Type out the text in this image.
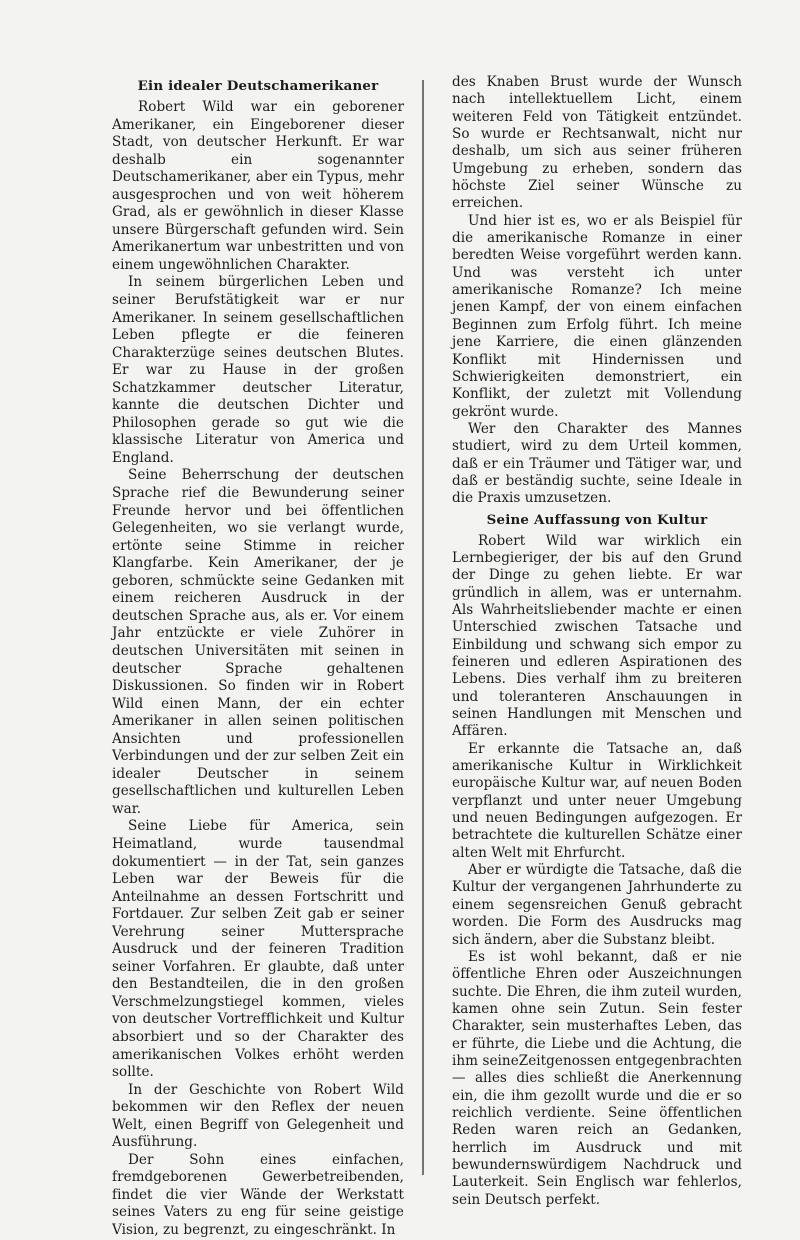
Ein idealer Deutschamerikaner

Robert Wild war ein geborener Amerikaner, ein Eingeborener dieser Stadt, von deutscher Herkunft. Er war deshalb ein sogenannter Deutschamerikaner, aber ein Typus, mehr ausgesprochen und von weit höherem Grad, als er gewöhnlich in dieser Klasse unsere Bürgerschaft gefunden wird. Sein Amerikanertum war unbestritten und von einem ungewöhnlichen Charakter.

In seinem bürgerlichen Leben und seiner Berufstätigkeit war er nur Amerikaner. In seinem gesellschaftlichen Leben pflegte er die feineren Charakterzüge seines deutschen Blutes. Er war zu Hause in der großen Schatzkammer deutscher Literatur, kannte die deutschen Dichter und Philosophen gerade so gut wie die klassische Literatur von America und England.

Seine Beherrschung der deutschen Sprache rief die Bewunderung seiner Freunde hervor und bei öffentlichen Gelegenheiten, wo sie verlangt wurde, ertönte seine Stimme in reicher Klangfarbe. Kein Amerikaner, der je geboren, schmückte seine Gedanken mit einem reicheren Ausdruck in der deutschen Sprache aus, als er. Vor einem Jahr entzückte er viele Zuhörer in deutschen Universitäten mit seinen in deutscher Sprache gehaltenen Diskussionen. So finden wir in Robert Wild einen Mann, der ein echter Amerikaner in allen seinen politischen Ansichten und professionellen Verbindungen und der zur selben Zeit ein idealer Deutscher in seinem gesellschaftlichen und kulturellen Leben war.

Seine Liebe für America, sein Heimatland, wurde tausendmal dokumentiert — in der Tat, sein ganzes Leben war der Beweis für die Anteilnahme an dessen Fortschritt und Fortdauer. Zur selben Zeit gab er seiner Verehrung seiner Muttersprache Ausdruck und der feineren Tradition seiner Vorfahren. Er glaubte, daß unter den Bestandteilen, die in den großen Verschmelzungstiegel kommen, vieles von deutscher Vortrefflichkeit und Kultur absorbiert und so der Charakter des amerikanischen Volkes erhöht werden sollte.

In der Geschichte von Robert Wild bekommen wir den Reflex der neuen Welt, einen Begriff von Gelegenheit und Ausführung.

Der Sohn eines einfachen, fremdgeborenen Gewerbetreibenden, findet die vier Wände der Werkstatt seines Vaters zu eng für seine geistige Vision, zu begrenzt, zu eingeschränkt. In

des Knaben Brust wurde der Wunsch nach intellektuellem Licht, einem weiteren Feld von Tätigkeit entzündet. So wurde er Rechtsanwalt, nicht nur deshalb, um sich aus seiner früheren Umgebung zu erheben, sondern das höchste Ziel seiner Wünsche zu erreichen.

Und hier ist es, wo er als Beispiel für die amerikanische Romanze in einer beredten Weise vorgeführt werden kann. Und was versteht ich unter amerikanische Romanze? Ich meine jenen Kampf, der von einem einfachen Beginnen zum Erfolg führt. Ich meine jene Karriere, die einen glänzenden Konflikt mit Hindernissen und Schwierigkeiten demonstriert, ein Konflikt, der zuletzt mit Vollendung gekrönt wurde.

Wer den Charakter des Mannes studiert, wird zu dem Urteil kommen, daß er ein Träumer und Tätiger war, und daß er beständig suchte, seine Ideale in die Praxis umzusetzen.

Seine Auffassung von Kultur

Robert Wild war wirklich ein Lernbegieriger, der bis auf den Grund der Dinge zu gehen liebte. Er war gründlich in allem, was er unternahm. Als Wahrheitsliebender machte er einen Unterschied zwischen Tatsache und Einbildung und schwang sich empor zu feineren und edleren Aspirationen des Lebens. Dies verhalf ihm zu breiteren und toleranteren Anschauungen in seinen Handlungen mit Menschen und Affären.

Er erkannte die Tatsache an, daß amerikanische Kultur in Wirklichkeit europäische Kultur war, auf neuen Boden verpflanzt und unter neuer Umgebung und neuen Bedingungen aufgezogen. Er betrachtete die kulturellen Schätze einer alten Welt mit Ehrfurcht.

Aber er würdigte die Tatsache, daß die Kultur der vergangenen Jahrhunderte zu einem segensreichen Genuß gebracht worden. Die Form des Ausdrucks mag sich ändern, aber die Substanz bleibt.

Es ist wohl bekannt, daß er nie öffentliche Ehren oder Auszeichnungen suchte. Die Ehren, die ihm zuteil wurden, kamen ohne sein Zutun. Sein fester Charakter, sein musterhaftes Leben, das er führte, die Liebe und die Achtung, die ihm seineZeitgenossen entgegenbrachten — alles dies schließt die Anerkennung ein, die ihm gezollt wurde und die er so reichlich verdiente. Seine öffentlichen Reden waren reich an Gedanken, herrlich im Ausdruck und mit bewundernswürdigem Nachdruck und Lauterkeit. Sein Englisch war fehlerlos, sein Deutsch perfekt.
